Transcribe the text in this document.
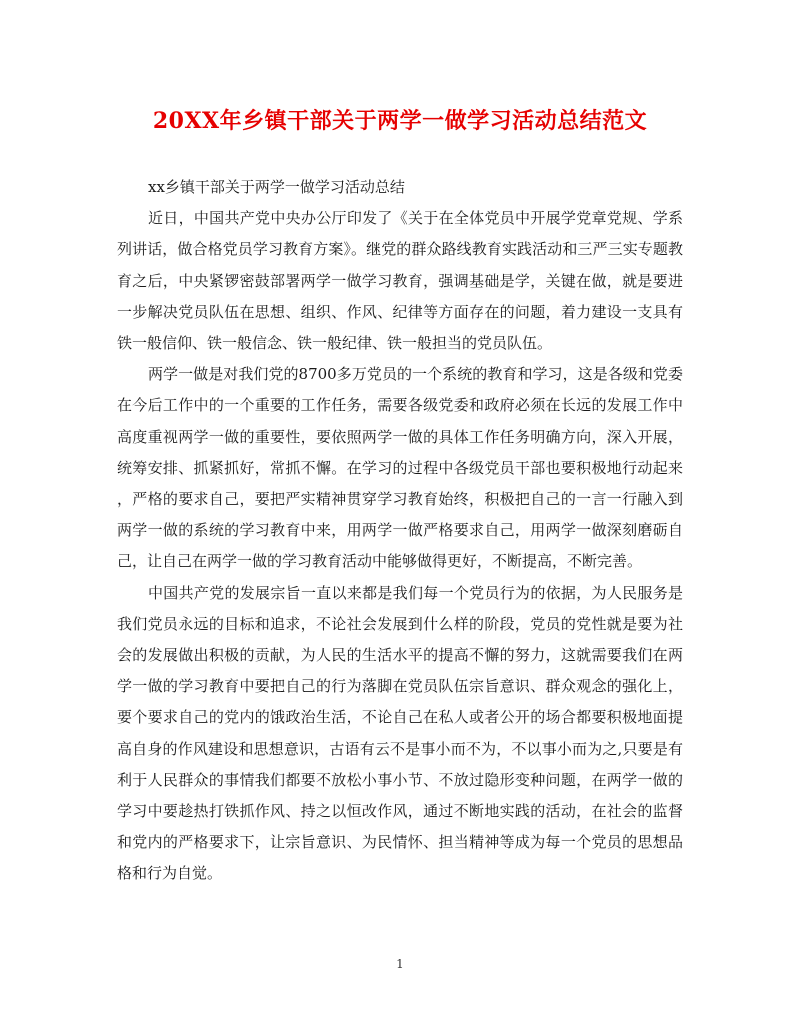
20XX年乡镇干部关于两学一做学习活动总结范文

xx乡镇干部关于两学一做学习活动总结

近日，中国共产党中央办公厅印发了《关于在全体党员中开展学党章党规、学系列讲话，做合格党员学习教育方案》。继党的群众路线教育实践活动和三严三实专题教育之后，中央紧锣密鼓部署两学一做学习教育，强调基础是学，关键在做，就是要进一步解决党员队伍在思想、组织、作风、纪律等方面存在的问题，着力建设一支具有铁一般信仰、铁一般信念、铁一般纪律、铁一般担当的党员队伍。

两学一做是对我们党的8700多万党员的一个系统的教育和学习，这是各级和党委在今后工作中的一个重要的工作任务，需要各级党委和政府必须在长远的发展工作中高度重视两学一做的重要性，要依照两学一做的具体工作任务明确方向，深入开展，统筹安排、抓紧抓好，常抓不懈。在学习的过程中各级党员干部也要积极地行动起来，严格的要求自己，要把严实精神贯穿学习教育始终，积极把自己的一言一行融入到两学一做的系统的学习教育中来，用两学一做严格要求自己，用两学一做深刻磨砺自己，让自己在两学一做的学习教育活动中能够做得更好，不断提高，不断完善。

中国共产党的发展宗旨一直以来都是我们每一个党员行为的依据，为人民服务是我们党员永远的目标和追求，不论社会发展到什么样的阶段，党员的党性就是要为社会的发展做出积极的贡献，为人民的生活水平的提高不懈的努力，这就需要我们在两学一做的学习教育中要把自己的行为落脚在党员队伍宗旨意识、群众观念的强化上，要个要求自己的党内的饿政治生活，不论自己在私人或者公开的场合都要积极地面提高自身的作风建设和思想意识，古语有云不是事小而不为，不以事小而为之,只要是有利于人民群众的事情我们都要不放松小事小节、不放过隐形变种问题，在两学一做的学习中要趁热打铁抓作风、持之以恒改作风，通过不断地实践的活动，在社会的监督和党内的严格要求下，让宗旨意识、为民情怀、担当精神等成为每一个党员的思想品格和行为自觉。

1
